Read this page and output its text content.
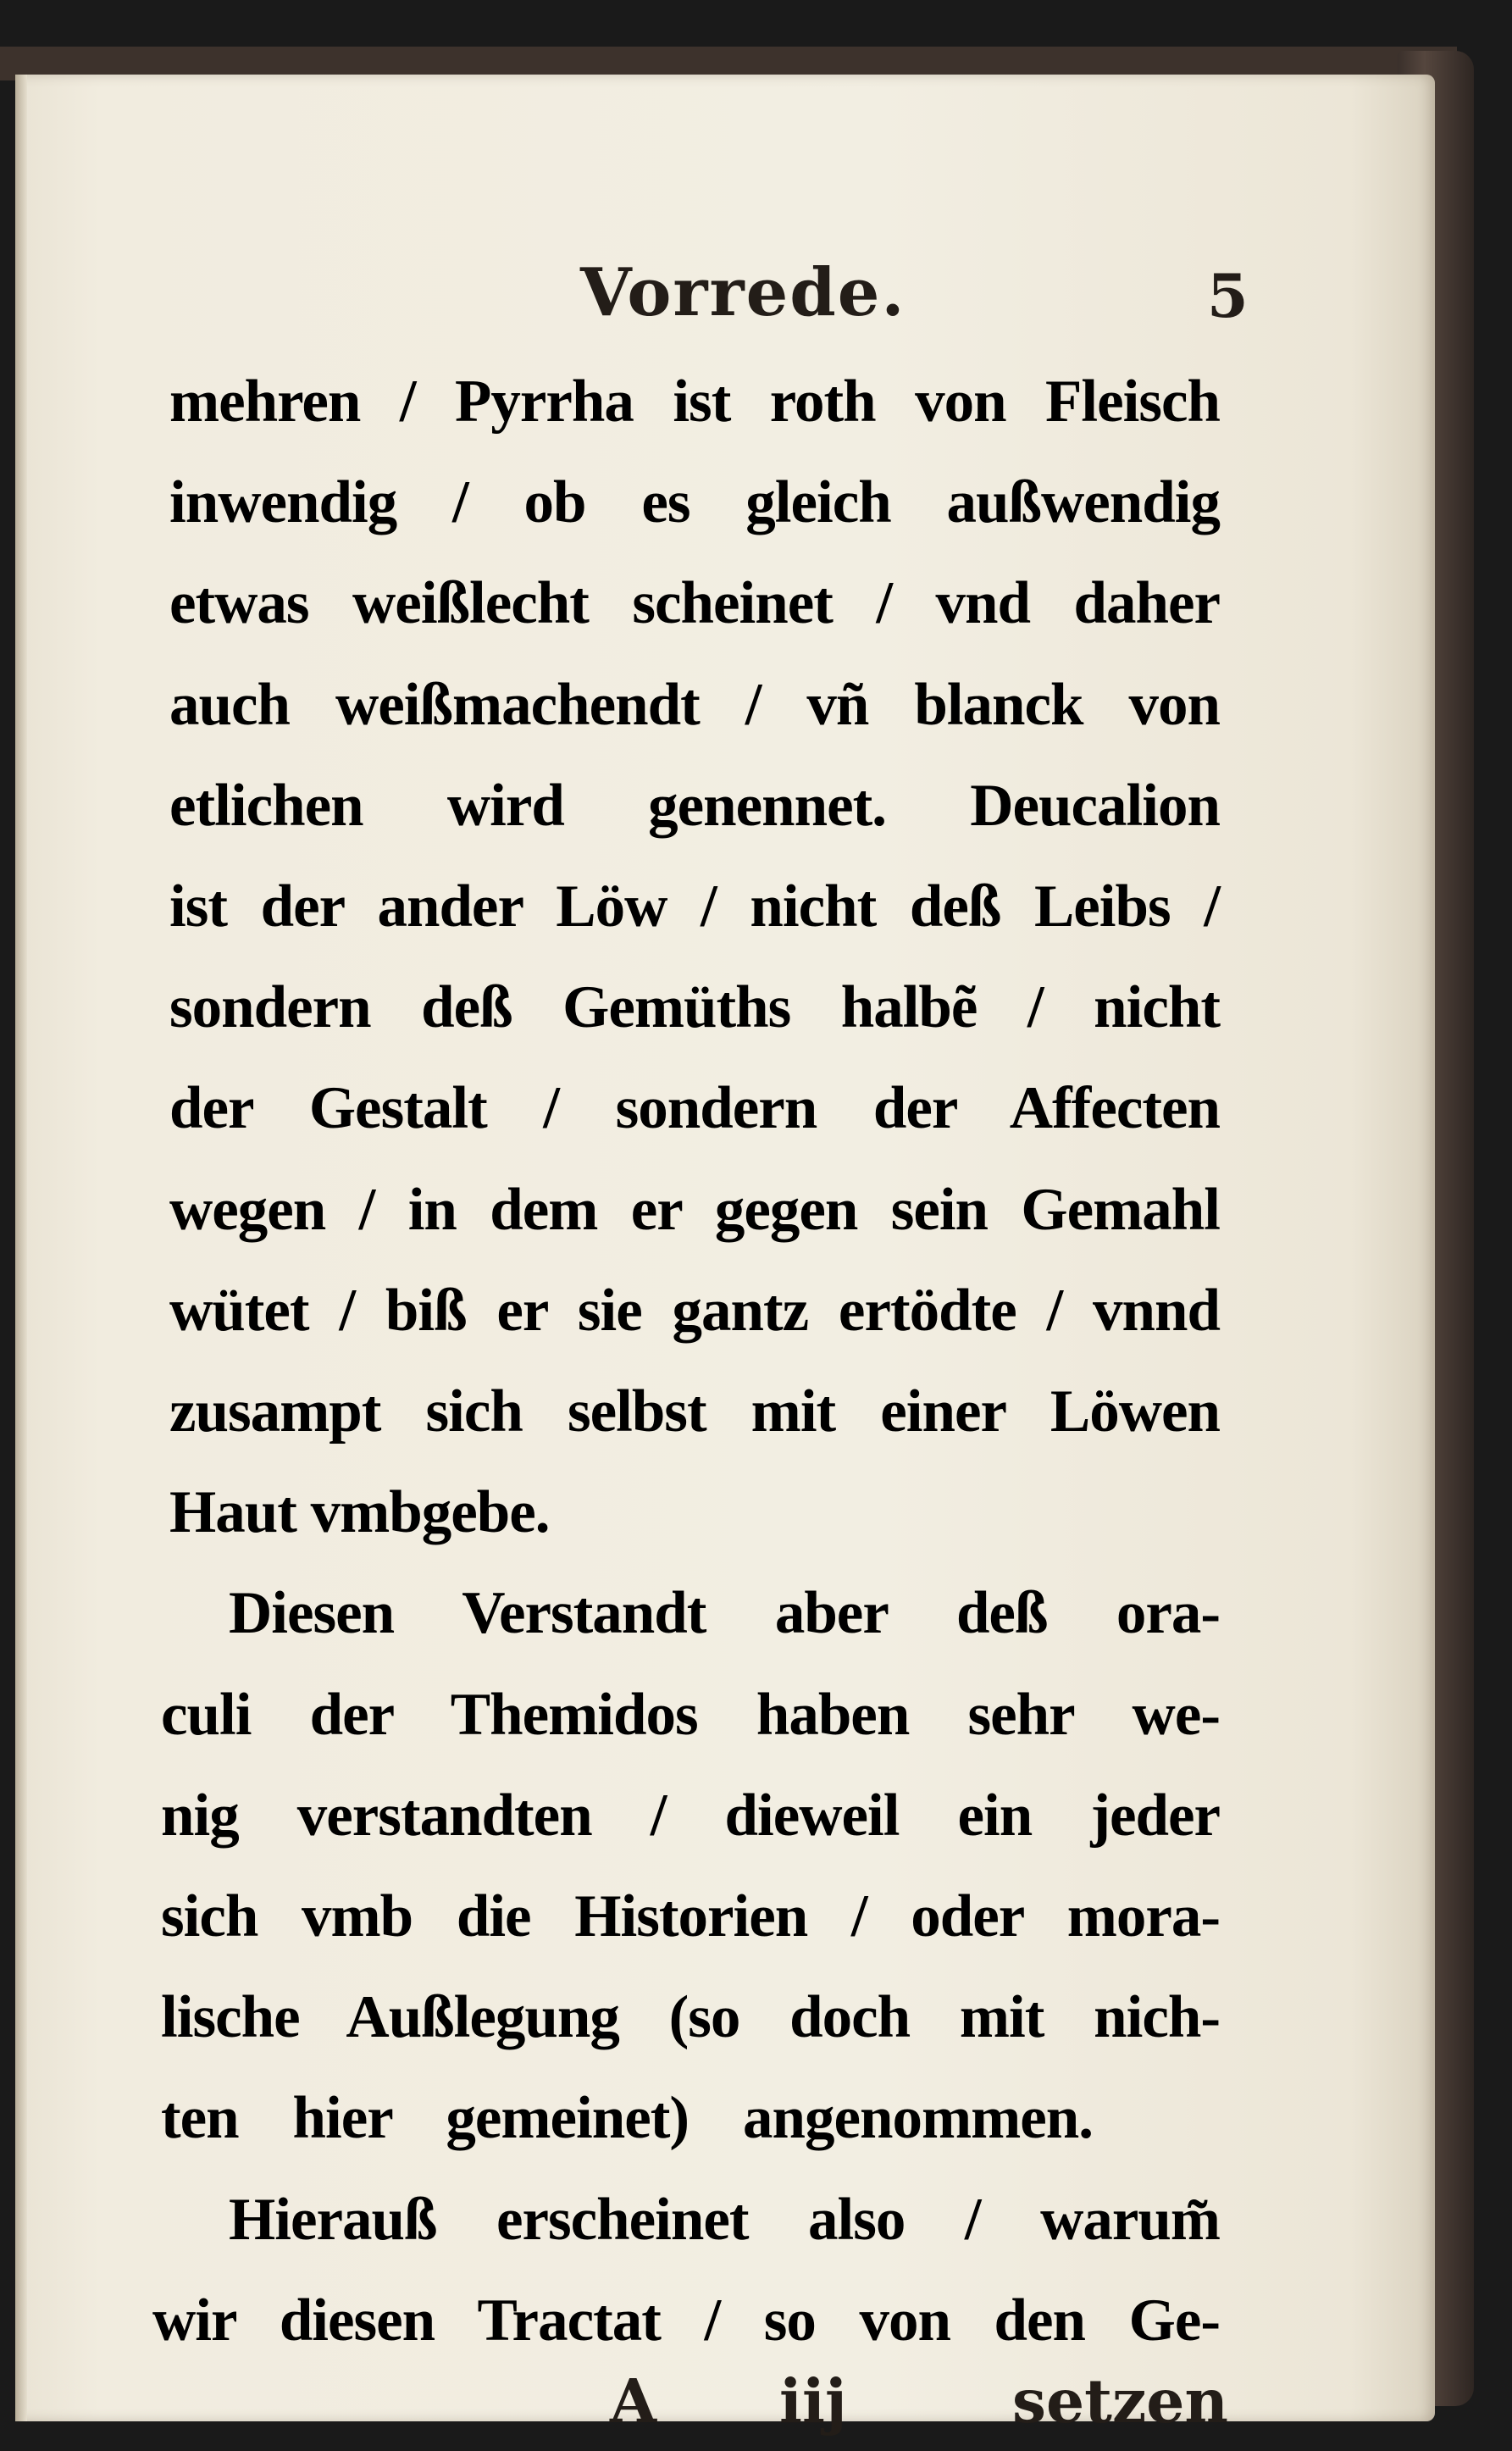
Vorrede.	5
mehren / Pyrrha ist roth von Fleisch
inwendig / ob es gleich außwendig
etwas weißlecht scheinet / vnd daher
auch weißmachendt / vñ blanck von
etlichen wird genennet. Deucalion
ist der ander Löw / nicht deß Leibs /
sondern deß Gemüths halbẽ / nicht
der Gestalt / sondern der Affecten
wegen / in dem er gegen sein Gemahl
wütet / biß er sie gantz ertödte / vnnd
zusampt sich selbst mit einer Löwen
Haut vmbgebe.
Diesen Verstandt aber deß ora-
culi der Themidos haben sehr we-
nig verstandten / dieweil ein jeder
sich vmb die Historien / oder mora-
lische Außlegung (so doch mit nich-
ten hier gemeinet) angenommen.
Hierauß erscheinet also / warum̃
wir diesen Tractat / so von den Ge-
A iij	setzen
